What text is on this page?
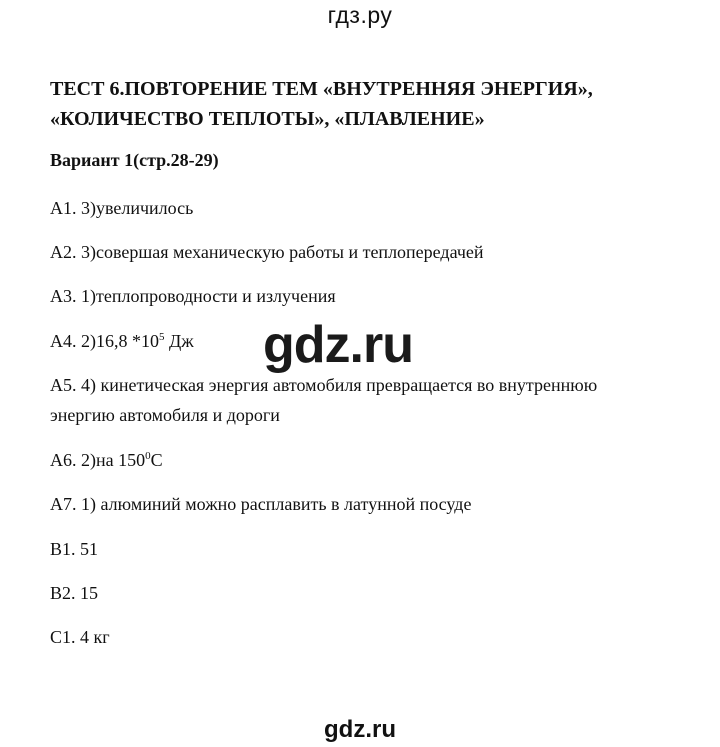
гдз.ру
ТЕСТ 6.ПОВТОРЕНИЕ ТЕМ «ВНУТРЕННЯЯ ЭНЕРГИЯ»,
«КОЛИЧЕСТВО ТЕПЛОТЫ», «ПЛАВЛЕНИЕ»

Вариант 1(стр.28-29)

А1. 3)увеличилось
А2. 3)совершая механическую работы и теплопередачей
А3. 1)теплопроводности и излучения
А4. 2)16,8 $*10^5$ Дж
А5. 4) кинетическая энергия автомобиля превращается во внутреннюю
энергию автомобиля и дороги
А6. 2)на $150^0С$
А7. 1) алюминий можно расплавить в латунной посуде
В1. 51
В2. 15
С1. 4 кг
gdz.ru
gdz.ru
